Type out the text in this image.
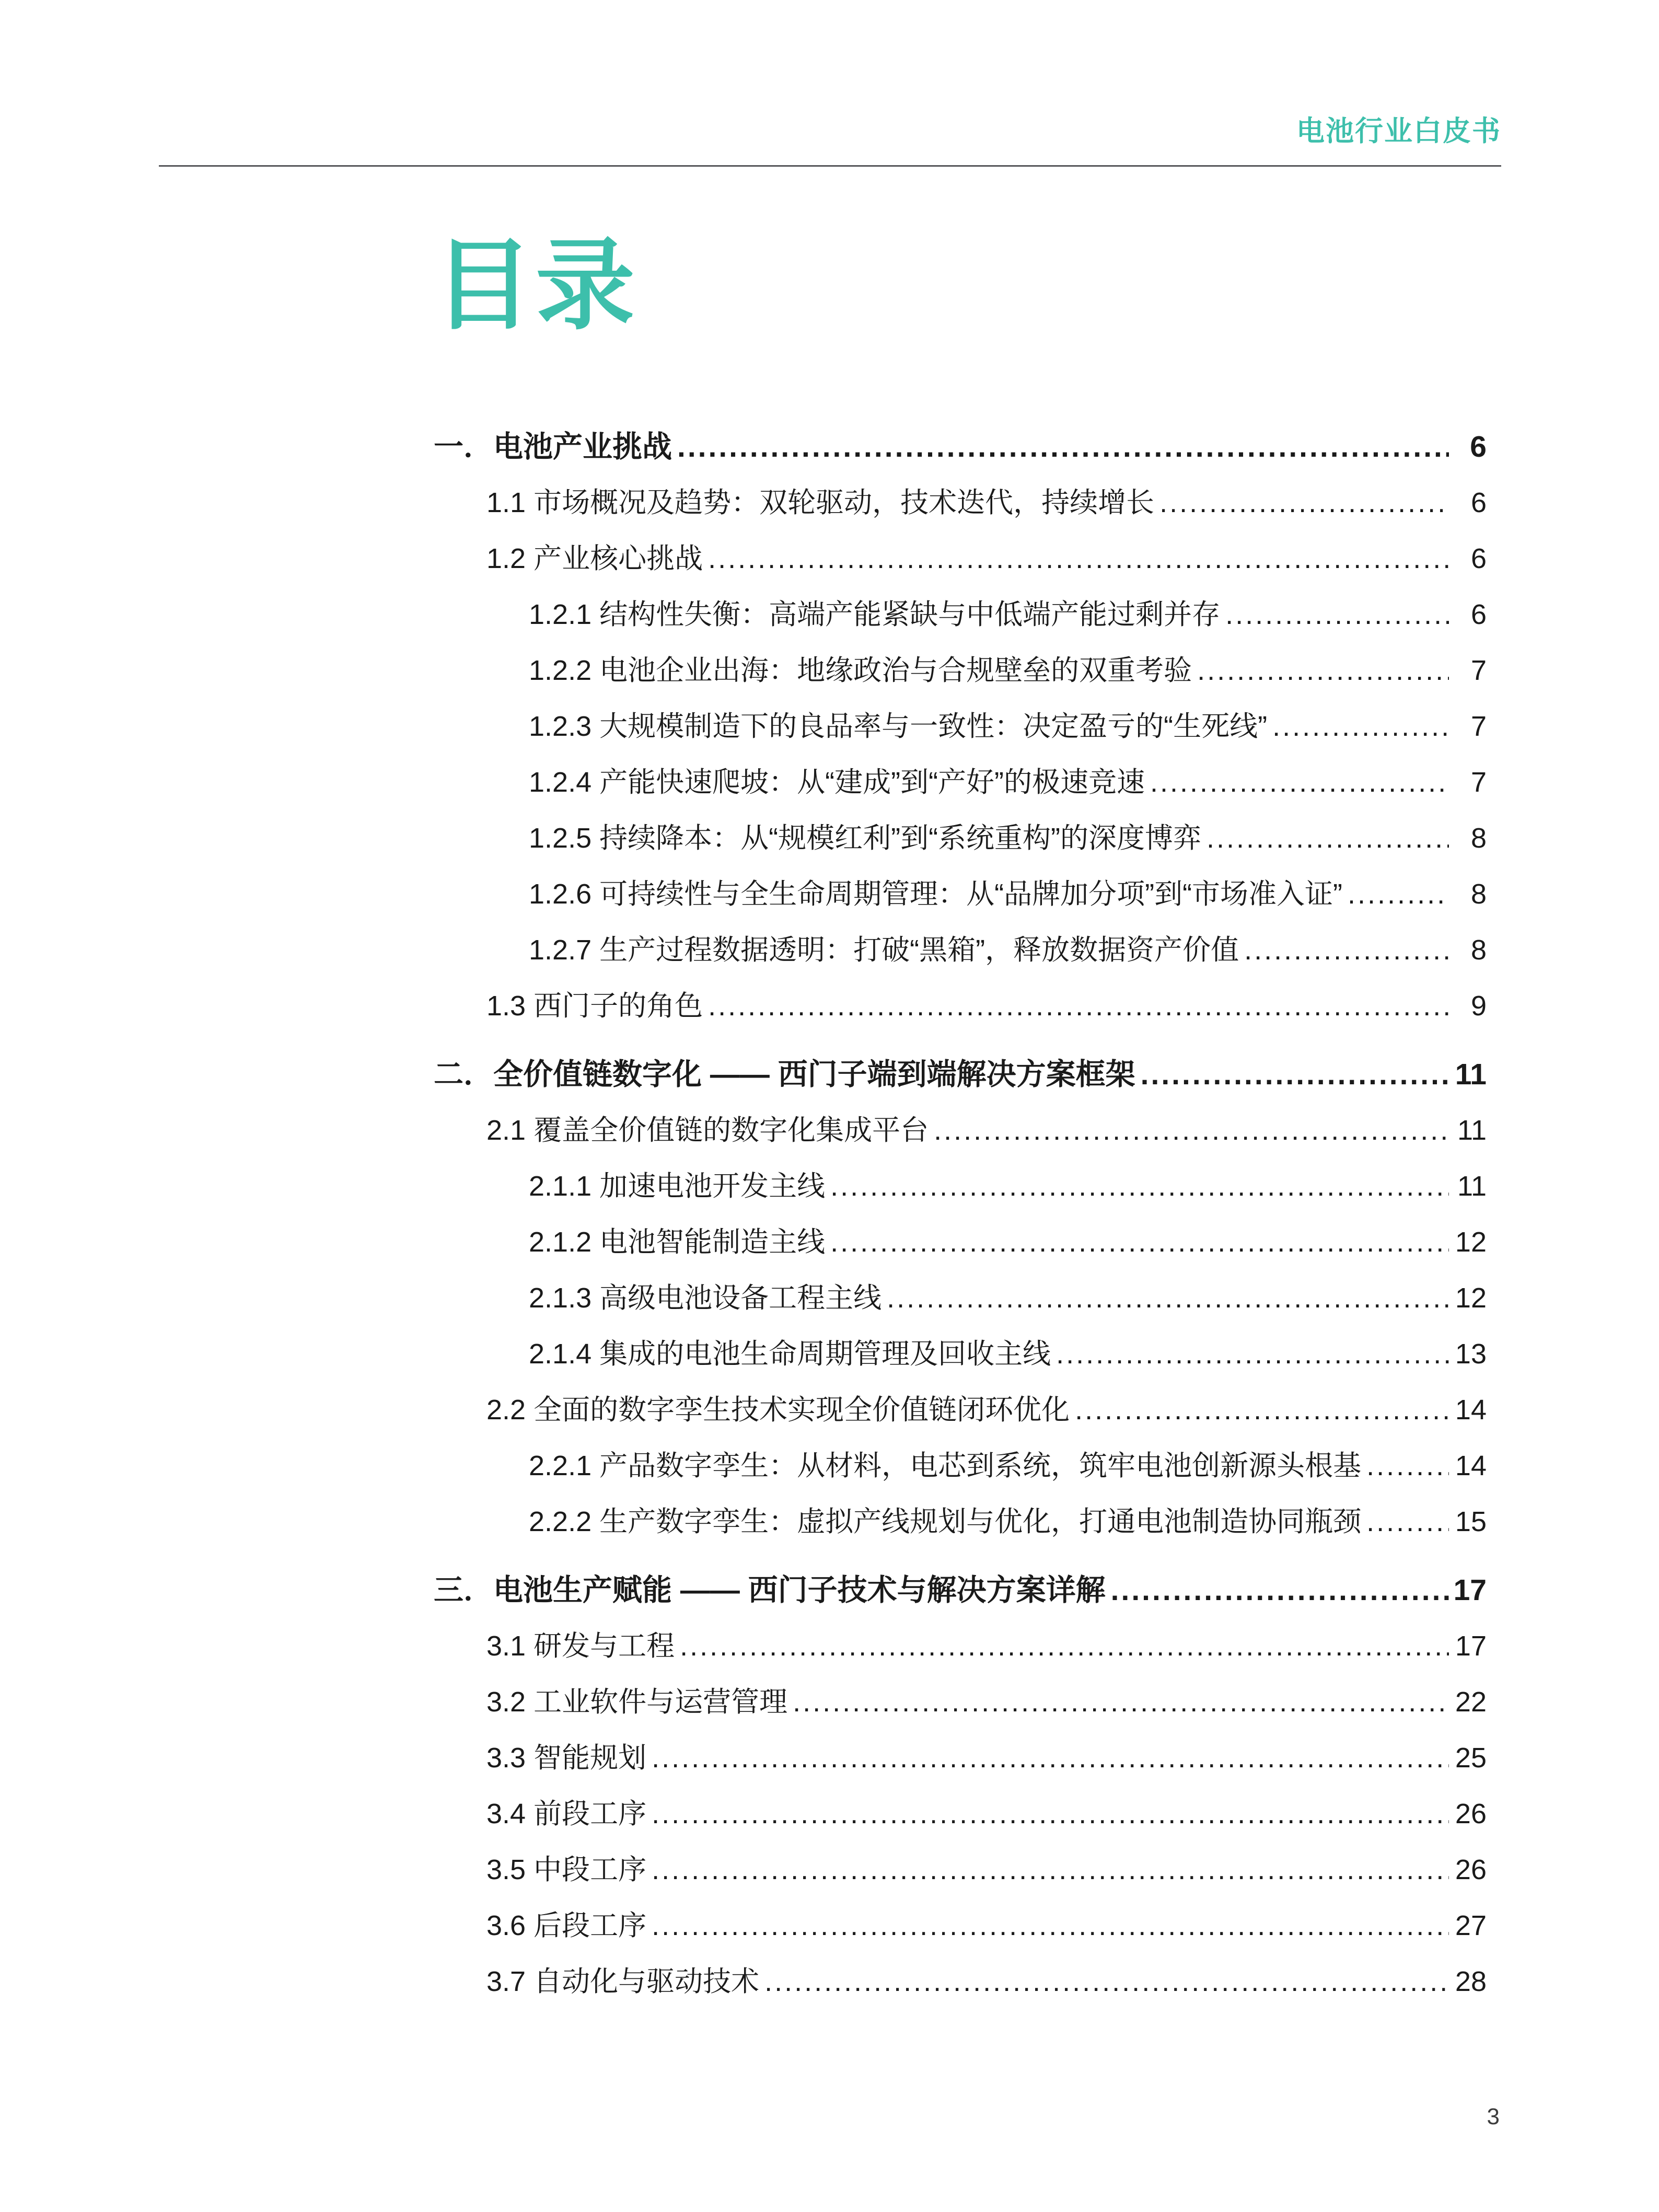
电池行业白皮书
目录
一．电池产业挑战 .....	6
1.1 市场概况及趋势：双轮驱动，技术迭代，持续增长 .....	6
1.2 产业核心挑战 .....	6
1.2.1 结构性失衡：高端产能紧缺与中低端产能过剩并存 .....	6
1.2.2 电池企业出海：地缘政治与合规壁垒的双重考验 .....	7
1.2.3 大规模制造下的良品率与一致性：决定盈亏的“生死线” .....	7
1.2.4 产能快速爬坡：从“建成”到“产好”的极速竞速 .....	7
1.2.5 持续降本：从“规模红利”到“系统重构”的深度博弈 .....	8
1.2.6 可持续性与全生命周期管理：从“品牌加分项”到“市场准入证” .....	8
1.2.7 生产过程数据透明：打破“黑箱”，释放数据资产价值 .....	8
1.3 西门子的角色 .....	9
二．全价值链数字化 —— 西门子端到端解决方案框架 .....	11
2.1 覆盖全价值链的数字化集成平台 .....	11
2.1.1 加速电池开发主线 .....	11
2.1.2 电池智能制造主线 .....	12
2.1.3 高级电池设备工程主线 .....	12
2.1.4 集成的电池生命周期管理及回收主线 .....	13
2.2 全面的数字孪生技术实现全价值链闭环优化 .....	14
2.2.1 产品数字孪生：从材料，电芯到系统，筑牢电池创新源头根基 .....	14
2.2.2 生产数字孪生：虚拟产线规划与优化，打通电池制造协同瓶颈 .....	15
三．电池生产赋能 —— 西门子技术与解决方案详解 .....	17
3.1 研发与工程 .....	17
3.2 工业软件与运营管理 .....	22
3.3 智能规划 .....	25
3.4 前段工序 .....	26
3.5 中段工序 .....	26
3.6 后段工序 .....	27
3.7 自动化与驱动技术 .....	28
3
